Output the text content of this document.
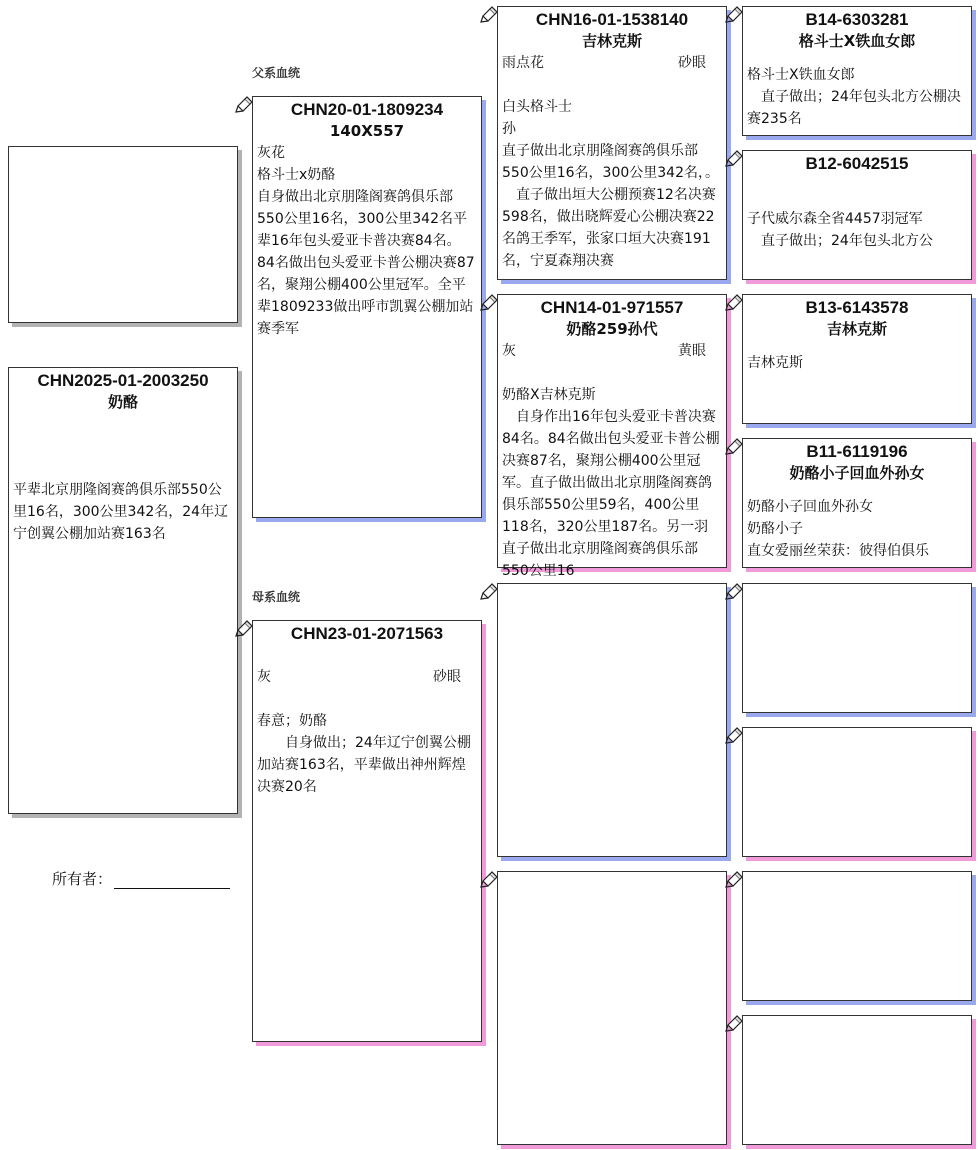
父系血统
母系血统
CHN2025-01-2003250
奶酪
平辈北京朋隆阁赛鸽俱乐部550公里16名，300公里342名，24年辽宁创翼公棚加站赛163名
所有者：
CHN20-01-1809234
140X557
灰花
格斗士x奶酪
自身做出北京朋隆阁赛鸽俱乐部550公里16名，300公里342名平辈16年包头爱亚卡普决赛84名。84名做出包头爱亚卡普公棚决赛87名，聚翔公棚400公里冠军。全平辈1809233做出呼市凯翼公棚加站赛季军
CHN23-01-2071563
灰	砂眼
春意；奶酪
　　自身做出；24年辽宁创翼公棚加站赛163名，平辈做出神州辉煌决赛20名
CHN16-01-1538140
吉林克斯
雨点花	砂眼
白头格斗士
孙
直子做出北京朋隆阁赛鸽俱乐部550公里16名，300公里342名，。
　直子做出垣大公棚预赛12名决赛598名，做出晓辉爱心公棚决赛22名鸽王季军，张家口垣大决赛191名，宁夏森翔决赛
CHN14-01-971557
奶酪259孙代
灰	黄眼
奶酪X吉林克斯
　自身作出16年包头爱亚卡普决赛84名。84名做出包头爱亚卡普公棚决赛87名，聚翔公棚400公里冠军。直子做出做出北京朋隆阁赛鸽俱乐部550公里59名，400公里118名，320公里187名。另一羽直子做出北京朋隆阁赛鸽俱乐部550公里16
B14-6303281
格斗士X铁血女郎
格斗士X铁血女郎
　直子做出；24年包头北方公棚决赛235名
B12-6042515
子代威尔森全省4457羽冠军
　直子做出；24年包头北方公
B13-6143578
吉林克斯
吉林克斯
B11-6119196
奶酪小子回血外孙女
奶酪小子回血外孙女
奶酪小子
直女爱丽丝荣获：彼得伯俱乐
